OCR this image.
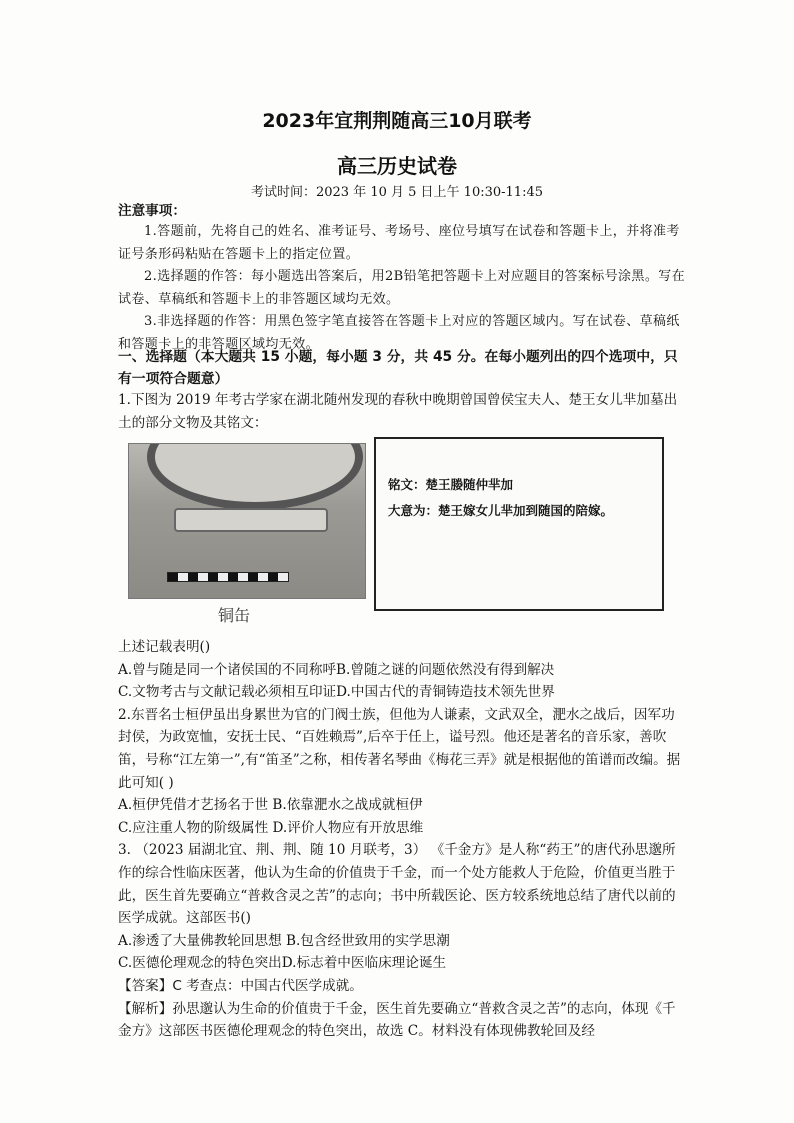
2023年宜荆荆随高三10月联考
高三历史试卷
考试时间：2023 年 10 月 5 日上午 10:30-11:45
注意事项：

1.答题前，先将自己的姓名、准考证号、考场号、座位号填写在试卷和答题卡上，并将准考证号条形码粘贴在答题卡上的指定位置。

2.选择题的作答：每小题选出答案后，用2B铅笔把答题卡上对应题目的答案标号涂黑。写在试卷、草稿纸和答题卡上的非答题区域均无效。

3.非选择题的作答：用黑色签字笔直接答在答题卡上对应的答题区域内。写在试卷、草稿纸和答题卡上的非答题区域均无效。

一、选择题（本大题共 15 小题，每小题 3 分，共 45 分。在每小题列出的四个选项中，只有一项符合题意）
1.下图为 2019 年考古学家在湖北随州发现的春秋中晚期曾国曾侯宝夫人、楚王女儿芈加墓出土的部分文物及其铭文：
铜缶
铭文：楚王媵随仲芈加
大意为：楚王嫁女儿芈加到随国的陪嫁。

上述记载表明()

A.曾与随是同一个诸侯国的不同称呼B.曾随之谜的问题依然没有得到解决

C.文物考古与文献记载必须相互印证D.中国古代的青铜铸造技术领先世界

2.东晋名士桓伊虽出身累世为官的门阀士族，但他为人谦素，文武双全，淝水之战后，因军功封侯，为政宽恤，安抚士民、“百姓赖焉”,后卒于任上，谥号烈。他还是著名的音乐家，善吹笛，号称“江左第一”,有“笛圣”之称，相传著名琴曲《梅花三弄》就是根据他的笛谱而改编。据此可知( )

A.桓伊凭借才艺扬名于世 B.依靠淝水之战成就桓伊

C.应注重人物的阶级属性 D.评价人物应有开放思维

3. （2023 届湖北宜、荆、荆、随 10 月联考，3） 《千金方》是人称“药王”的唐代孙思邈所作的综合性临床医著，他认为生命的价值贵于千金，而一个处方能救人于危险，价值更当胜于此，医生首先要确立“普救含灵之苦”的志向；书中所载医论、医方较系统地总结了唐代以前的医学成就。这部医书()

A.渗透了大量佛教轮回思想 B.包含经世致用的实学思潮

C.医德伦理观念的特色突出D.标志着中医临床理论诞生

【答案】C 考查点：中国古代医学成就。

【解析】孙思邈认为生命的价值贵于千金，医生首先要确立“普救含灵之苦”的志向，体现《千金方》这部医书医德伦理观念的特色突出，故选 C。材料没有体现佛教轮回及经
